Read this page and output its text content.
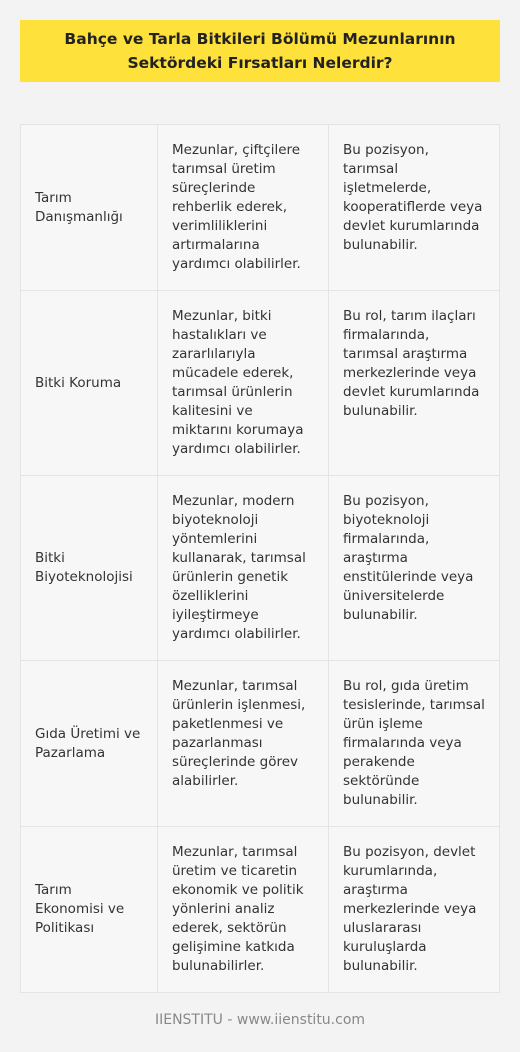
Bahçe ve Tarla Bitkileri Bölümü Mezunlarının Sektördeki Fırsatları Nelerdir?
Tarım Danışmanlığı
Mezunlar, çiftçilere tarımsal üretim süreçlerinde rehberlik ederek, verimliliklerini artırmalarına yardımcı olabilirler.
Bu pozisyon, tarımsal işletmelerde, kooperatiflerde veya devlet kurumlarında bulunabilir.
Bitki Koruma
Mezunlar, bitki hastalıkları ve zararlılarıyla mücadele ederek, tarımsal ürünlerin kalitesini ve miktarını korumaya yardımcı olabilirler.
Bu rol, tarım ilaçları firmalarında, tarımsal araştırma merkezlerinde veya devlet kurumlarında bulunabilir.
Bitki Biyoteknolojisi
Mezunlar, modern biyoteknoloji yöntemlerini kullanarak, tarımsal ürünlerin genetik özelliklerini iyileştirmeye yardımcı olabilirler.
Bu pozisyon, biyoteknoloji firmalarında, araştırma enstitülerinde veya üniversitelerde bulunabilir.
Gıda Üretimi ve Pazarlama
Mezunlar, tarımsal ürünlerin işlenmesi, paketlenmesi ve pazarlanması süreçlerinde görev alabilirler.
Bu rol, gıda üretim tesislerinde, tarımsal ürün işleme firmalarında veya perakende sektöründe bulunabilir.
Tarım Ekonomisi ve Politikası
Mezunlar, tarımsal üretim ve ticaretin ekonomik ve politik yönlerini analiz ederek, sektörün gelişimine katkıda bulunabilirler.
Bu pozisyon, devlet kurumlarında, araştırma merkezlerinde veya uluslararası kuruluşlarda bulunabilir.
IIENSTITU - www.iienstitu.com
